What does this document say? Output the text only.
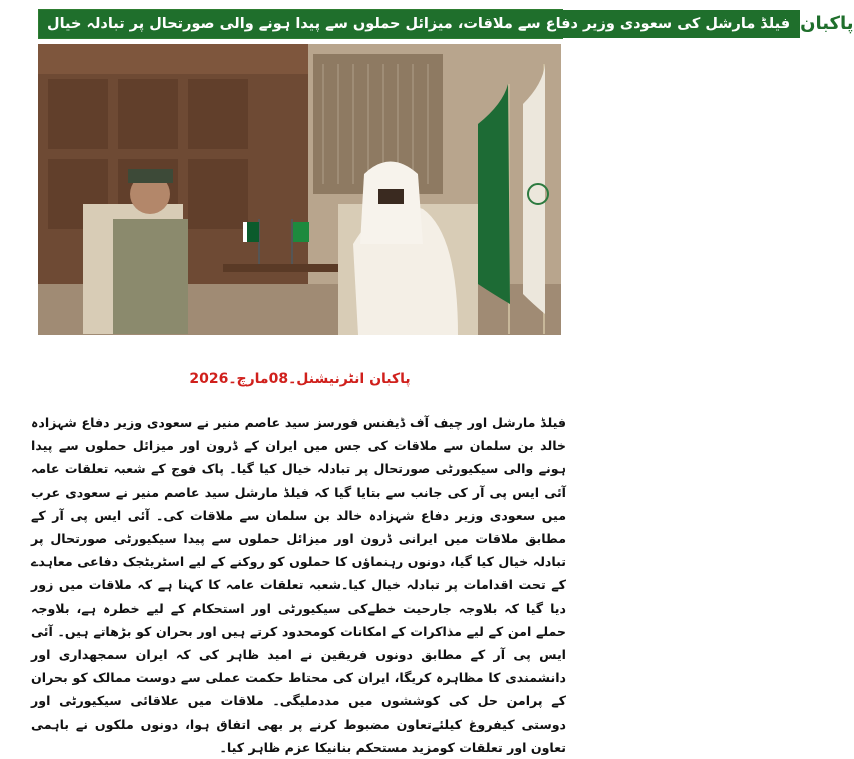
فیلڈ مارشل کی سعودی وزیر دفاع سے ملاقات، میزائل حملوں سے پیدا ہونے والی صورتحال پر تبادلہ خیال پاکبان
پاکبان انٹرنیشنل۔08مارچ۔2026
فیلڈ مارشل اور چیف آف ڈیفنس فورسز سید عاصم منیر نے سعودی وزیر دفاع شہزادہ خالد بن سلمان سے ملاقات کی جس میں ایران کے ڈرون اور میزائل حملوں سے پیدا ہونے والی سیکیورٹی صورتحال پر تبادلہ خیال کیا گیا۔ پاک فوج کے شعبہ تعلقات عامہ آئی ایس پی آر کی جانب سے بتایا گیا کہ فیلڈ مارشل سید عاصم منیر نے سعودی عرب میں سعودی وزیر دفاع شہزادہ خالد بن سلمان سے ملاقات کی۔ آئی ایس پی آر کے مطابق ملاقات میں ایرانی ڈرون اور میزائل حملوں سے پیدا سیکیورٹی صورتحال پر تبادلہ خیال کیا گیا، دونوں رہنماؤں کا حملوں کو روکنے کے لیے اسٹریٹجک دفاعی معاہدے کے تحت اقدامات پر تبادلہ خیال کیا۔شعبہ تعلقات عامہ کا کہنا ہے کہ ملاقات میں زور دیا گیا کہ بلاوجہ جارحیت خطےکی سیکیورٹی اور استحکام کے لیے خطرہ ہے، بلاوجہ حملے امن کے لیے مذاکرات کے امکانات کومحدود کرتے ہیں اور بحران کو بڑھاتے ہیں۔ آئی ایس پی آر کے مطابق دونوں فریقین نے امید ظاہر کی کہ ایران سمجھداری اور دانشمندی کا مظاہرہ کریگا، ایران کی محتاط حکمت عملی سے دوست ممالک کو بحران کے پرامن حل کی کوششوں میں مددملیگی۔ ملاقات میں علاقائی سیکیورٹی اور دوستی کیفروغ کیلئےتعاون مضبوط کرنے پر بھی اتفاق ہوا، دونوں ملکوں نے باہمی تعاون اور تعلقات کومزید مستحکم بنانیکا عزم ظاہر کیا۔
